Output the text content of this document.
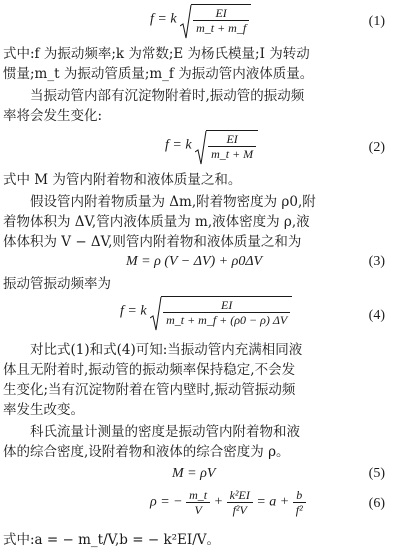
f = k $\frac{EI}{m\_t + m\_f}$	(1)
式中:f 为振动频率;k 为常数;E 为杨氏模量;I 为转动
惯量;m_t 为振动管质量;m_f 为振动管内液体质量。
当振动管内部有沉淀物附着时,振动管的振动频
率将会发生变化:
f = k $\frac{EI}{m\_t + M}$	(2)
式中 M 为管内附着物和液体质量之和。
假设管内附着物质量为 Δm,附着物密度为 ρ0,附
着物体积为 ΔV,管内液体质量为 m,液体密度为 ρ,液
体体积为 V − ΔV,则管内附着物和液体质量之和为
M = ρ (V − ΔV) + ρ0ΔV	(3)
振动管振动频率为
f = k $\frac{EI}{m\_t + m\_f + (\rho 0 - \rho) \Delta V}$	(4)
对比式(1)和式(4)可知:当振动管内充满相同液
体且无附着时,振动管的振动频率保持稳定,不会发
生变化;当有沉淀物附着在管内壁时,振动管振动频
率发生改变。
科氏流量计测量的密度是振动管内附着物和液
体的综合密度,设附着物和液体的综合密度为 ρ。
M = ρV	(5)
ρ = − $\frac{m\_t}{V} + \frac{\text{k²EI}}{\text{f²V}} = a + \frac{b}{\text{f²}}$	(6)
式中:a = − m_t/V,b = − k²EI/V。
